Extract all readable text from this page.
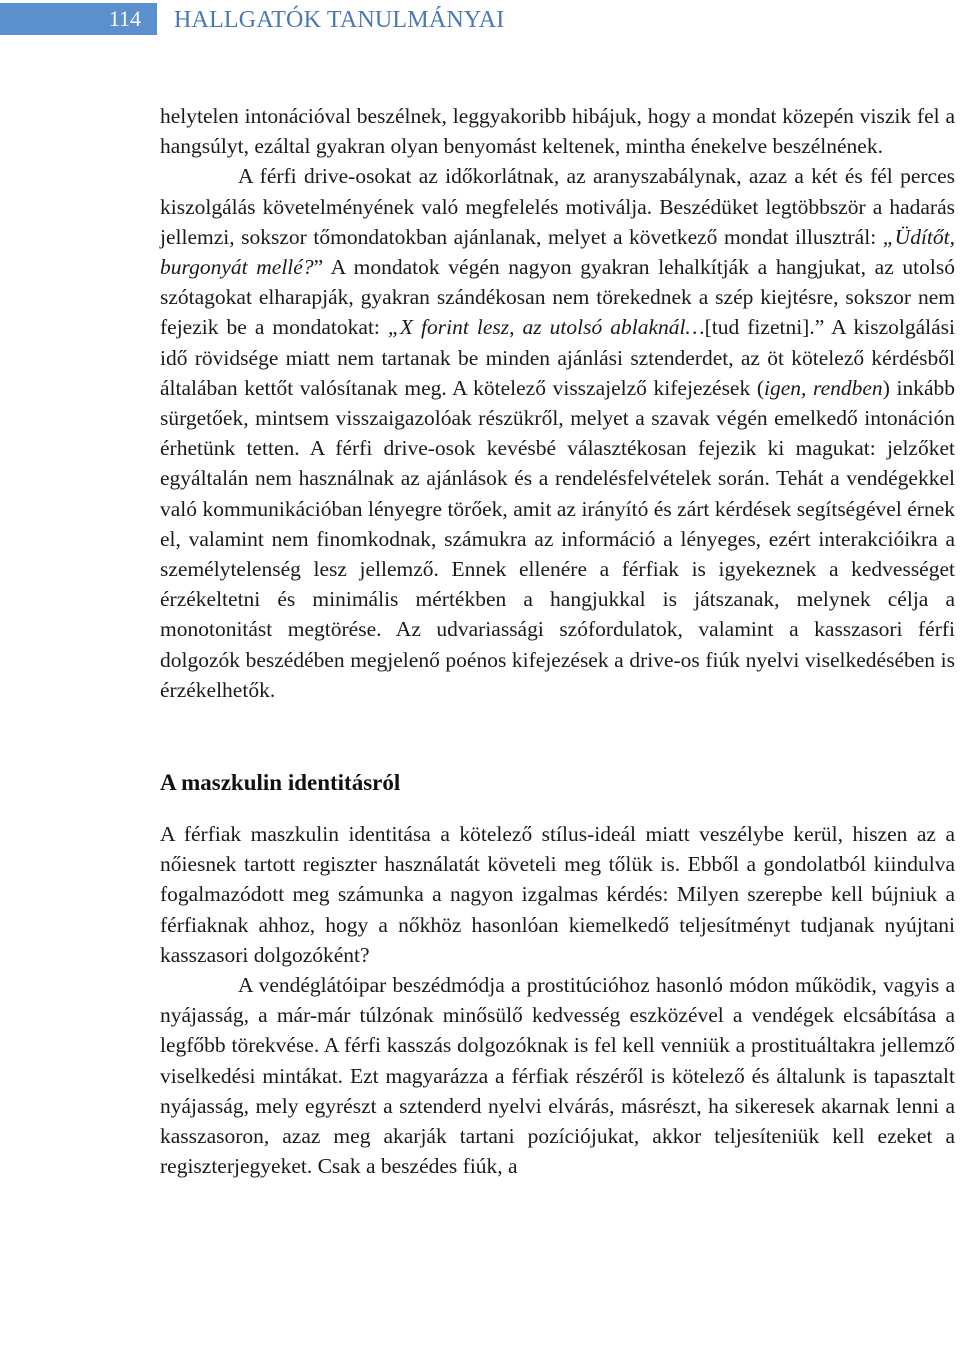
114	HALLGATÓK TANULMÁNYAI

helytelen intonációval beszélnek, leggyakoribb hibájuk, hogy a mondat közepén viszik fel a hangsúlyt, ezáltal gyakran olyan benyomást keltenek, mintha énekelve beszélnének.

A férfi drive-osokat az időkorlátnak, az aranyszabálynak, azaz a két és fél perces kiszolgálás követelményének való megfelelés motiválja. Beszédüket legtöbbször a hadarás jellemzi, sokszor tőmondatokban ajánlanak, melyet a következő mondat illusztrál: „Üdítőt, burgonyát mellé?” A mondatok végén nagyon gyakran lehalkítják a hangjukat, az utolsó szótagokat elharapják, gyakran szándékosan nem törekednek a szép kiejtésre, sokszor nem fejezik be a mondatokat: „X forint lesz, az utolsó ablaknál…[tud fizetni].” A kiszolgálási idő rövidsége miatt nem tartanak be minden ajánlási sztenderdet, az öt kötelező kérdésből általában kettőt valósítanak meg. A kötelező visszajelző kifejezések (igen, rendben) inkább sürgetőek, mintsem visszaigazolóak részükről, melyet a szavak végén emelkedő intonáción érhetünk tetten. A férfi drive-osok kevésbé választékosan fejezik ki magukat: jelzőket egyáltalán nem használnak az ajánlások és a rendelésfelvételek során. Tehát a vendégekkel való kommunikációban lényegre törőek, amit az irányító és zárt kérdések segítségével érnek el, valamint nem finomkodnak, számukra az információ a lényeges, ezért interakcióikra a személytelenség lesz jellemző. Ennek ellenére a férfiak is igyekeznek a kedvességet érzékeltetni és minimális mértékben a hangjukkal is játszanak, melynek célja a monotonitást megtörése. Az udvariassági szófordulatok, valamint a kasszasori férfi dolgozók beszédében megjelenő poénos kifejezések a drive-os fiúk nyelvi viselkedésében is érzékelhetők.

A maszkulin identitásról

A férfiak maszkulin identitása a kötelező stílus-ideál miatt veszélybe kerül, hiszen az a nőiesnek tartott regiszter használatát követeli meg tőlük is. Ebből a gondolatból kiindulva fogalmazódott meg számunka a nagyon izgalmas kérdés: Milyen szerepbe kell bújniuk a férfiaknak ahhoz, hogy a nőkhöz hasonlóan kiemelkedő teljesítményt tudjanak nyújtani kasszasori dolgozóként?

A vendéglátóipar beszédmódja a prostitúcióhoz hasonló módon működik, vagyis a nyájasság, a már-már túlzónak minősülő kedvesség eszközével a vendégek elcsábítása a legfőbb törekvése. A férfi kasszás dolgozóknak is fel kell venniük a prostituáltakra jellemző viselkedési mintákat. Ezt magyarázza a férfiak részéről is kötelező és általunk is tapasztalt nyájasság, mely egyrészt a sztenderd nyelvi elvárás, másrészt, ha sikeresek akarnak lenni a kasszasoron, azaz meg akarják tartani pozíciójukat, akkor teljesíteniük kell ezeket a regiszterjegyeket. Csak a beszédes fiúk, a
